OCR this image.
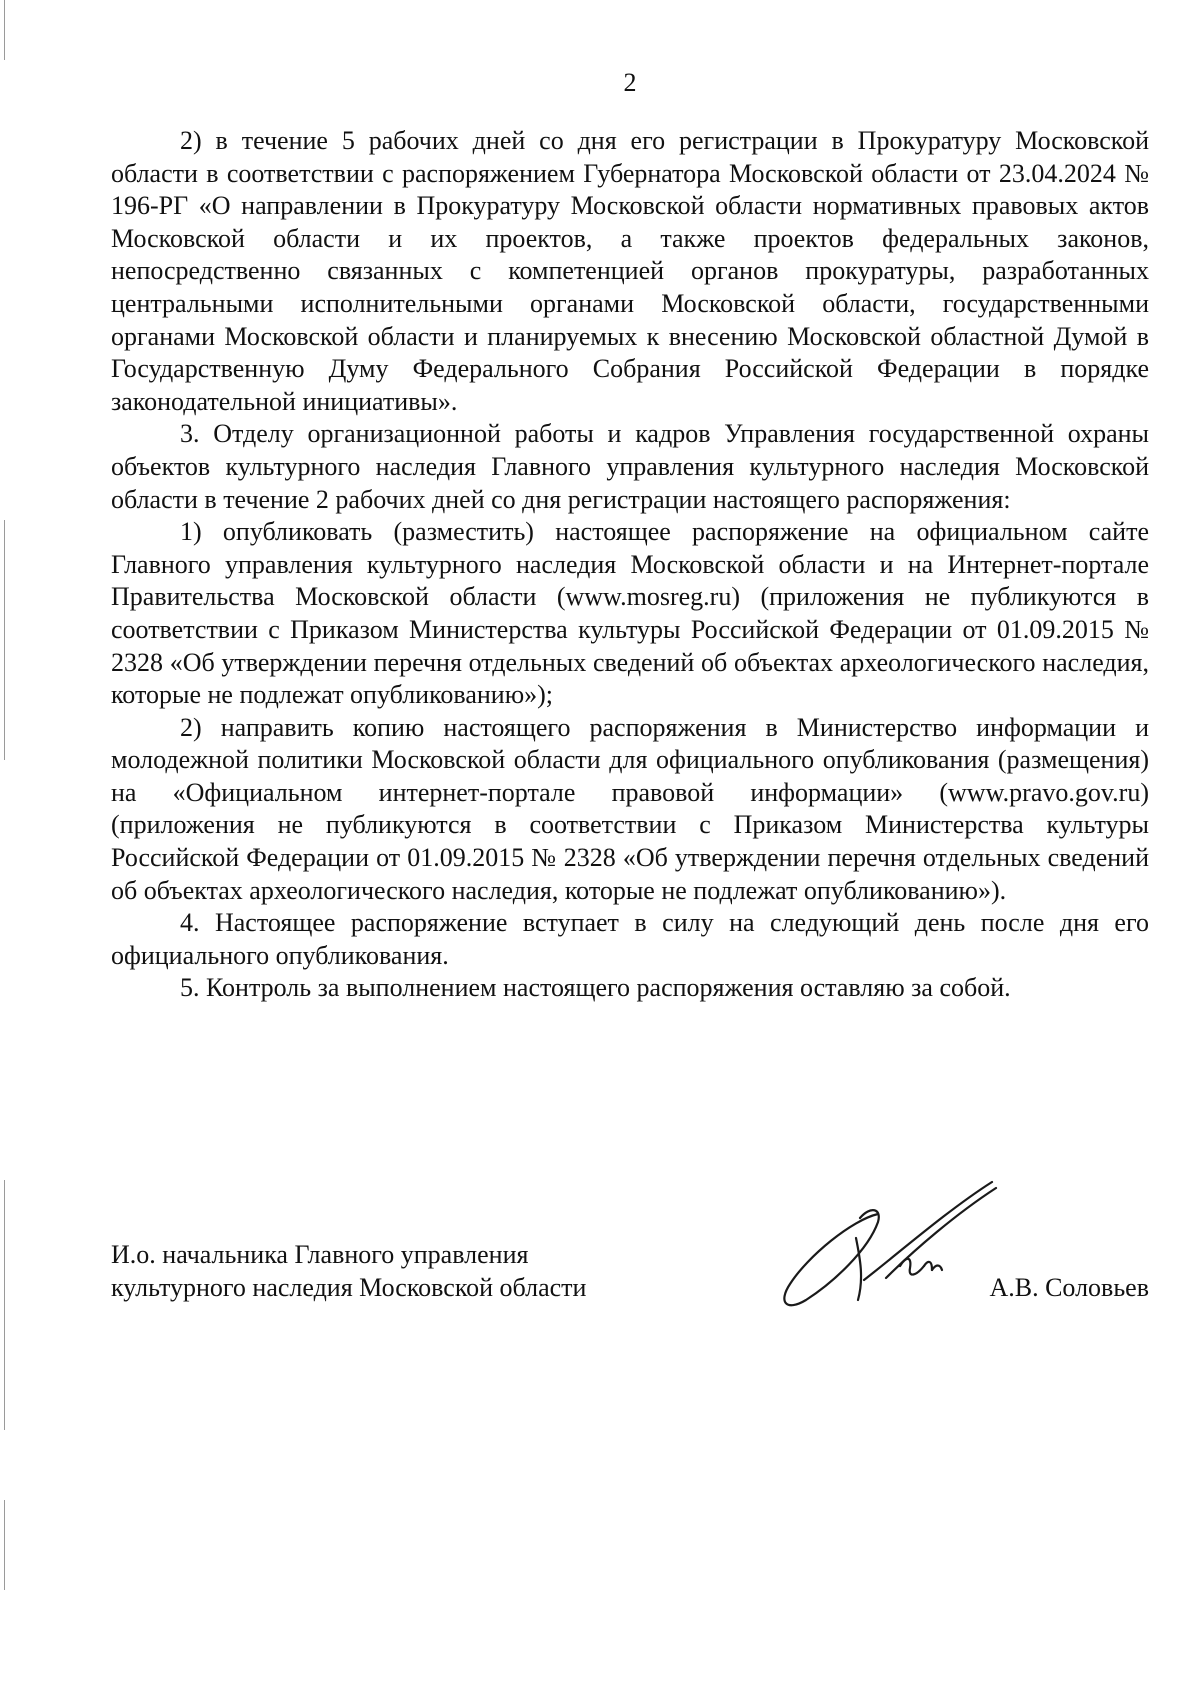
2

2) в течение 5 рабочих дней со дня его регистрации в Прокуратуру Московской области в соответствии с распоряжением Губернатора Московской области от 23.04.2024 № 196-РГ «О направлении в Прокуратуру Московской области нормативных правовых актов Московской области и их проектов, а также проектов федеральных законов, непосредственно связанных с компетенцией органов прокуратуры, разработанных центральными исполнительными органами Московской области, государственными органами Московской области и планируемых к внесению Московской областной Думой в Государственную Думу Федерального Собрания Российской Федерации в порядке законодательной инициативы».

3. Отделу организационной работы и кадров Управления государственной охраны объектов культурного наследия Главного управления культурного наследия Московской области в течение 2 рабочих дней со дня регистрации настоящего распоряжения:

1) опубликовать (разместить) настоящее распоряжение на официальном сайте Главного управления культурного наследия Московской области и на Интернет-портале Правительства Московской области (www.mosreg.ru) (приложения не публикуются в соответствии с Приказом Министерства культуры Российской Федерации от 01.09.2015 № 2328 «Об утверждении перечня отдельных сведений об объектах археологического наследия, которые не подлежат опубликованию»);

2) направить копию настоящего распоряжения в Министерство информации и молодежной политики Московской области для официального опубликования (размещения) на «Официальном интернет-портале правовой информации» (www.pravo.gov.ru) (приложения не публикуются в соответствии с Приказом Министерства культуры Российской Федерации от 01.09.2015 № 2328 «Об утверждении перечня отдельных сведений об объектах археологического наследия, которые не подлежат опубликованию»).

4. Настоящее распоряжение вступает в силу на следующий день после дня его официального опубликования.

5. Контроль за выполнением настоящего распоряжения оставляю за собой.

И.о. начальника Главного управления
культурного наследия Московской области	А.В. Соловьев
